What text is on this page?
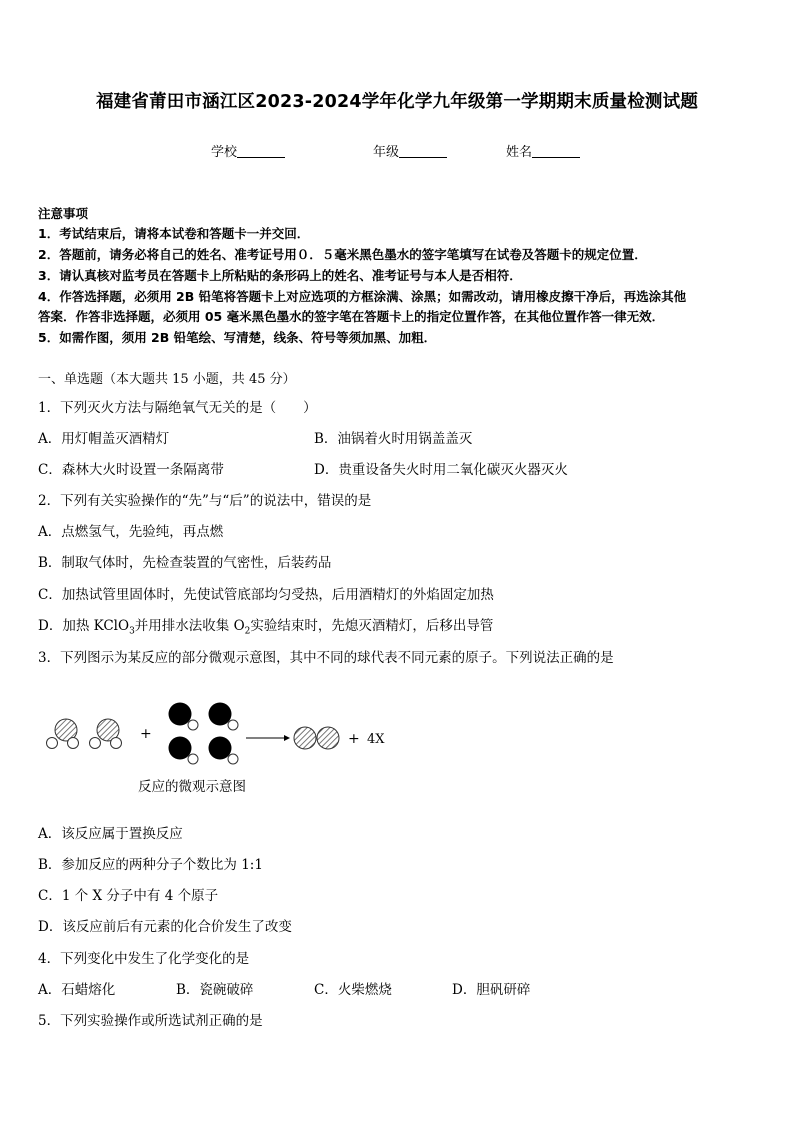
福建省莆田市涵江区2023-2024学年化学九年级第一学期期末质量检测试题
学校	年级	姓名
注意事项
1．考试结束后，请将本试卷和答题卡一并交回．
2．答题前，请务必将自己的姓名、准考证号用０．５毫米黑色墨水的签字笔填写在试卷及答题卡的规定位置．
3．请认真核对监考员在答题卡上所粘贴的条形码上的姓名、准考证号与本人是否相符．
4．作答选择题，必须用 2B 铅笔将答题卡上对应选项的方框涂满、涂黑；如需改动，请用橡皮擦干净后，再选涂其他
答案．作答非选择题，必须用 05 毫米黑色墨水的签字笔在答题卡上的指定位置作答，在其他位置作答一律无效．
5．如需作图，须用 2B 铅笔绘、写清楚，线条、符号等须加黑、加粗．
一、单选题（本大题共 15 小题，共 45 分）
1．下列灭火方法与隔绝氧气无关的是（　　）
A．用灯帽盖灭酒精灯	B．油锅着火时用锅盖盖灭
C．森林大火时设置一条隔离带	D．贵重设备失火时用二氧化碳灭火器灭火
2．下列有关实验操作的“先”与“后”的说法中，错误的是
A．点燃氢气，先验纯，再点燃
B．制取气体时，先检查装置的气密性，后装药品
C．加热试管里固体时，先使试管底部均匀受热，后用酒精灯的外焰固定加热
D．加热 KClO$_3$并用排水法收集 $O_2$实验结束时，先熄灭酒精灯，后移出导管
3．下列图示为某反应的部分微观示意图，其中不同的球代表不同元素的原子。下列说法正确的是
+	+ 4X
反应的微观示意图
A．该反应属于置换反应
B．参加反应的两种分子个数比为 1:1
C．1 个 X 分子中有 4 个原子
D．该反应前后有元素的化合价发生了改变
4．下列变化中发生了化学变化的是
A．石蜡熔化	B．瓷碗破碎	C．火柴燃烧	D．胆矾研碎
5．下列实验操作或所选试剂正确的是
